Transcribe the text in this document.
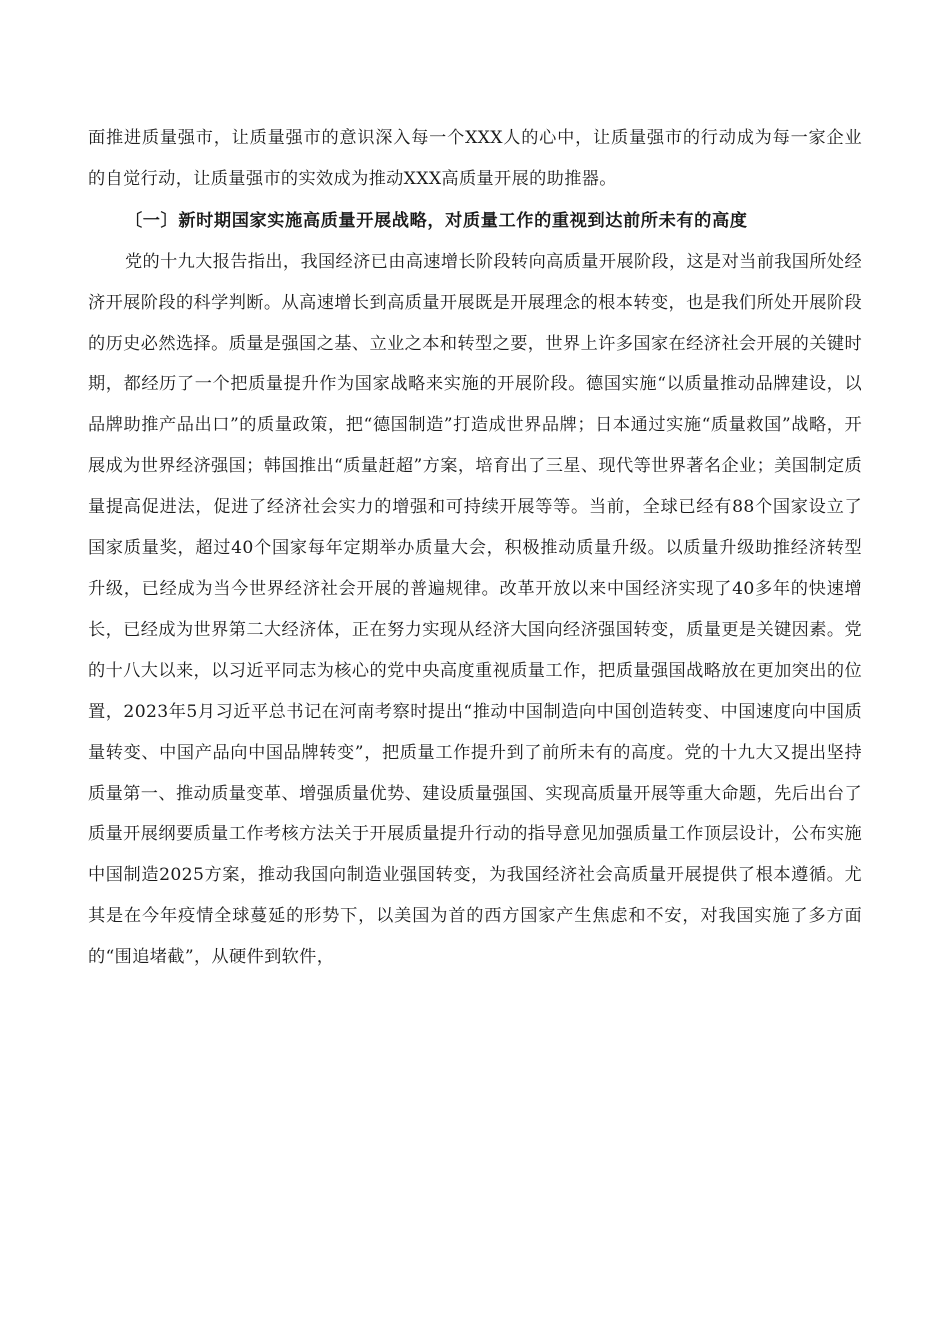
面推进质量强市，让质量强市的意识深入每一个XXX人的心中，让质量强市的行动成为每一家企业的自觉行动，让质量强市的实效成为推动XXX高质量开展的助推器。

〔一〕新时期国家实施高质量开展战略，对质量工作的重视到达前所未有的高度

党的十九大报告指出，我国经济已由高速增长阶段转向高质量开展阶段，这是对当前我国所处经济开展阶段的科学判断。从高速增长到高质量开展既是开展理念的根本转变，也是我们所处开展阶段的历史必然选择。质量是强国之基、立业之本和转型之要，世界上许多国家在经济社会开展的关键时期，都经历了一个把质量提升作为国家战略来实施的开展阶段。德国实施“以质量推动品牌建设，以品牌助推产品出口”的质量政策，把“德国制造”打造成世界品牌；日本通过实施“质量救国”战略，开展成为世界经济强国；韩国推出“质量赶超”方案，培育出了三星、现代等世界著名企业；美国制定质量提高促进法，促进了经济社会实力的增强和可持续开展等等。当前，全球已经有88个国家设立了国家质量奖，超过40个国家每年定期举办质量大会，积极推动质量升级。以质量升级助推经济转型升级，已经成为当今世界经济社会开展的普遍规律。改革开放以来中国经济实现了40多年的快速增长，已经成为世界第二大经济体，正在努力实现从经济大国向经济强国转变，质量更是关键因素。党的十八大以来，以习近平同志为核心的党中央高度重视质量工作，把质量强国战略放在更加突出的位置，2023年5月习近平总书记在河南考察时提出“推动中国制造向中国创造转变、中国速度向中国质量转变、中国产品向中国品牌转变”，把质量工作提升到了前所未有的高度。党的十九大又提出坚持质量第一、推动质量变革、增强质量优势、建设质量强国、实现高质量开展等重大命题，先后出台了质量开展纲要质量工作考核方法关于开展质量提升行动的指导意见加强质量工作顶层设计，公布实施中国制造2025方案，推动我国向制造业强国转变，为我国经济社会高质量开展提供了根本遵循。尤其是在今年疫情全球蔓延的形势下，以美国为首的西方国家产生焦虑和不安，对我国实施了多方面的“围追堵截”，从硬件到软件，
